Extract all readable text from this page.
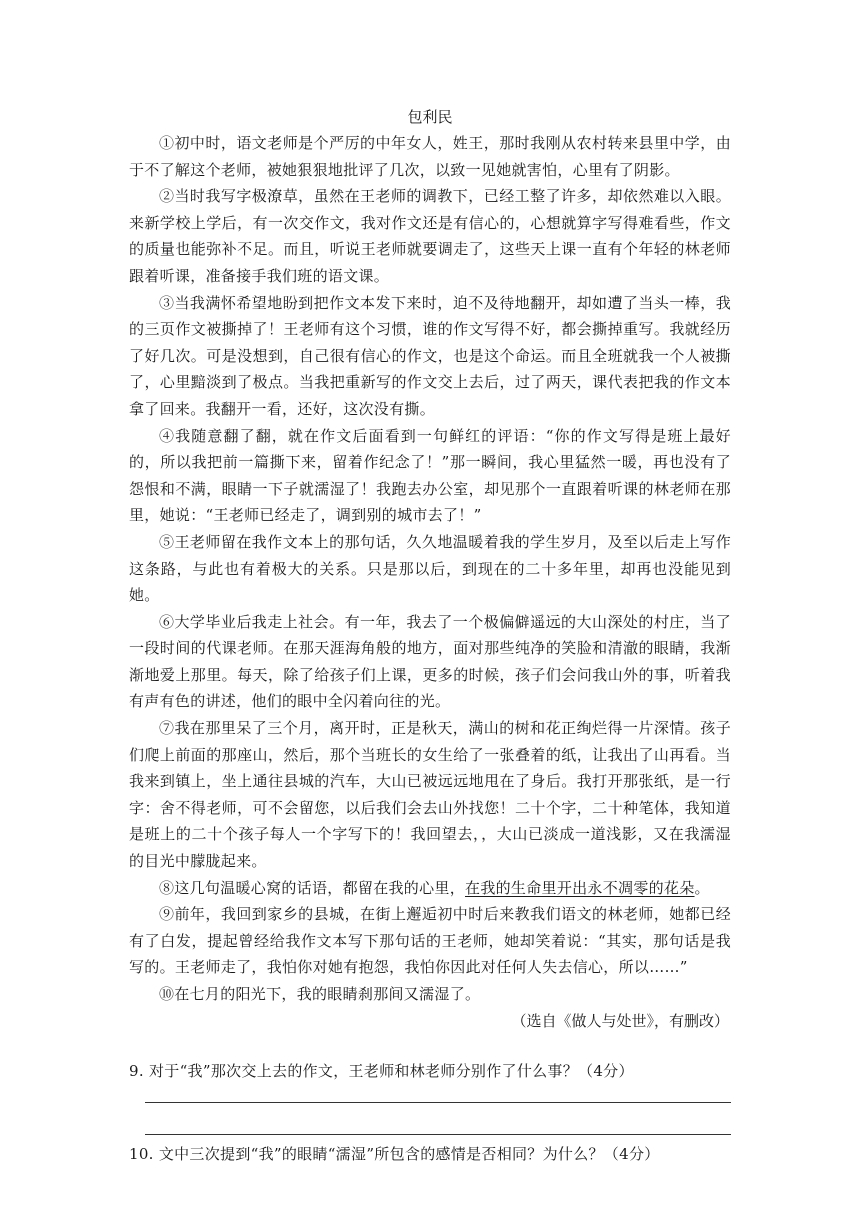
包利民

①初中时，语文老师是个严厉的中年女人，姓王，那时我刚从农村转来县里中学，由于不了解这个老师，被她狠狠地批评了几次，以致一见她就害怕，心里有了阴影。

②当时我写字极潦草，虽然在王老师的调教下，已经工整了许多，却依然难以入眼。来新学校上学后，有一次交作文，我对作文还是有信心的，心想就算字写得难看些，作文的质量也能弥补不足。而且，听说王老师就要调走了，这些天上课一直有个年轻的林老师跟着听课，准备接手我们班的语文课。

③当我满怀希望地盼到把作文本发下来时，迫不及待地翻开，却如遭了当头一棒，我的三页作文被撕掉了！王老师有这个习惯，谁的作文写得不好，都会撕掉重写。我就经历了好几次。可是没想到，自己很有信心的作文，也是这个命运。而且全班就我一个人被撕了，心里黯淡到了极点。当我把重新写的作文交上去后，过了两天，课代表把我的作文本拿了回来。我翻开一看，还好，这次没有撕。

④我随意翻了翻，就在作文后面看到一句鲜红的评语：“你的作文写得是班上最好的，所以我把前一篇撕下来，留着作纪念了！”那一瞬间，我心里猛然一暖，再也没有了怨恨和不满，眼睛一下子就濡湿了！我跑去办公室，却见那个一直跟着听课的林老师在那里，她说：“王老师已经走了，调到别的城市去了！”

⑤王老师留在我作文本上的那句话，久久地温暖着我的学生岁月，及至以后走上写作这条路，与此也有着极大的关系。只是那以后，到现在的二十多年里，却再也没能见到她。

⑥大学毕业后我走上社会。有一年，我去了一个极偏僻遥远的大山深处的村庄，当了一段时间的代课老师。在那天涯海角般的地方，面对那些纯净的笑脸和清澈的眼睛，我渐渐地爱上那里。每天，除了给孩子们上课，更多的时候，孩子们会问我山外的事，听着我有声有色的讲述，他们的眼中全闪着向往的光。

⑦我在那里呆了三个月，离开时，正是秋天，满山的树和花正绚烂得一片深情。孩子们爬上前面的那座山，然后，那个当班长的女生给了一张叠着的纸，让我出了山再看。当我来到镇上，坐上通往县城的汽车，大山已被远远地甩在了身后。我打开那张纸，是一行字：舍不得老师，可不会留您，以后我们会去山外找您！二十个字，二十种笔体，我知道是班上的二十个孩子每人一个字写下的！我回望去，，大山已淡成一道浅影，又在我濡湿的目光中朦胧起来。

⑧这几句温暖心窝的话语，都留在我的心里，在我的生命里开出永不凋零的花朵。

⑨前年，我回到家乡的县城，在街上邂逅初中时后来教我们语文的林老师，她都已经有了白发，提起曾经给我作文本写下那句话的王老师，她却笑着说：“其实，那句话是我写的。王老师走了，我怕你对她有抱怨，我怕你因此对任何人失去信心，所以……”

⑩在七月的阳光下，我的眼睛刹那间又濡湿了。

（选自《做人与处世》，有删改）

9. 对于“我”那次交上去的作文，王老师和林老师分别作了什么事？（4分）

10. 文中三次提到“我”的眼睛“濡湿”所包含的感情是否相同？为什么？（4分）
